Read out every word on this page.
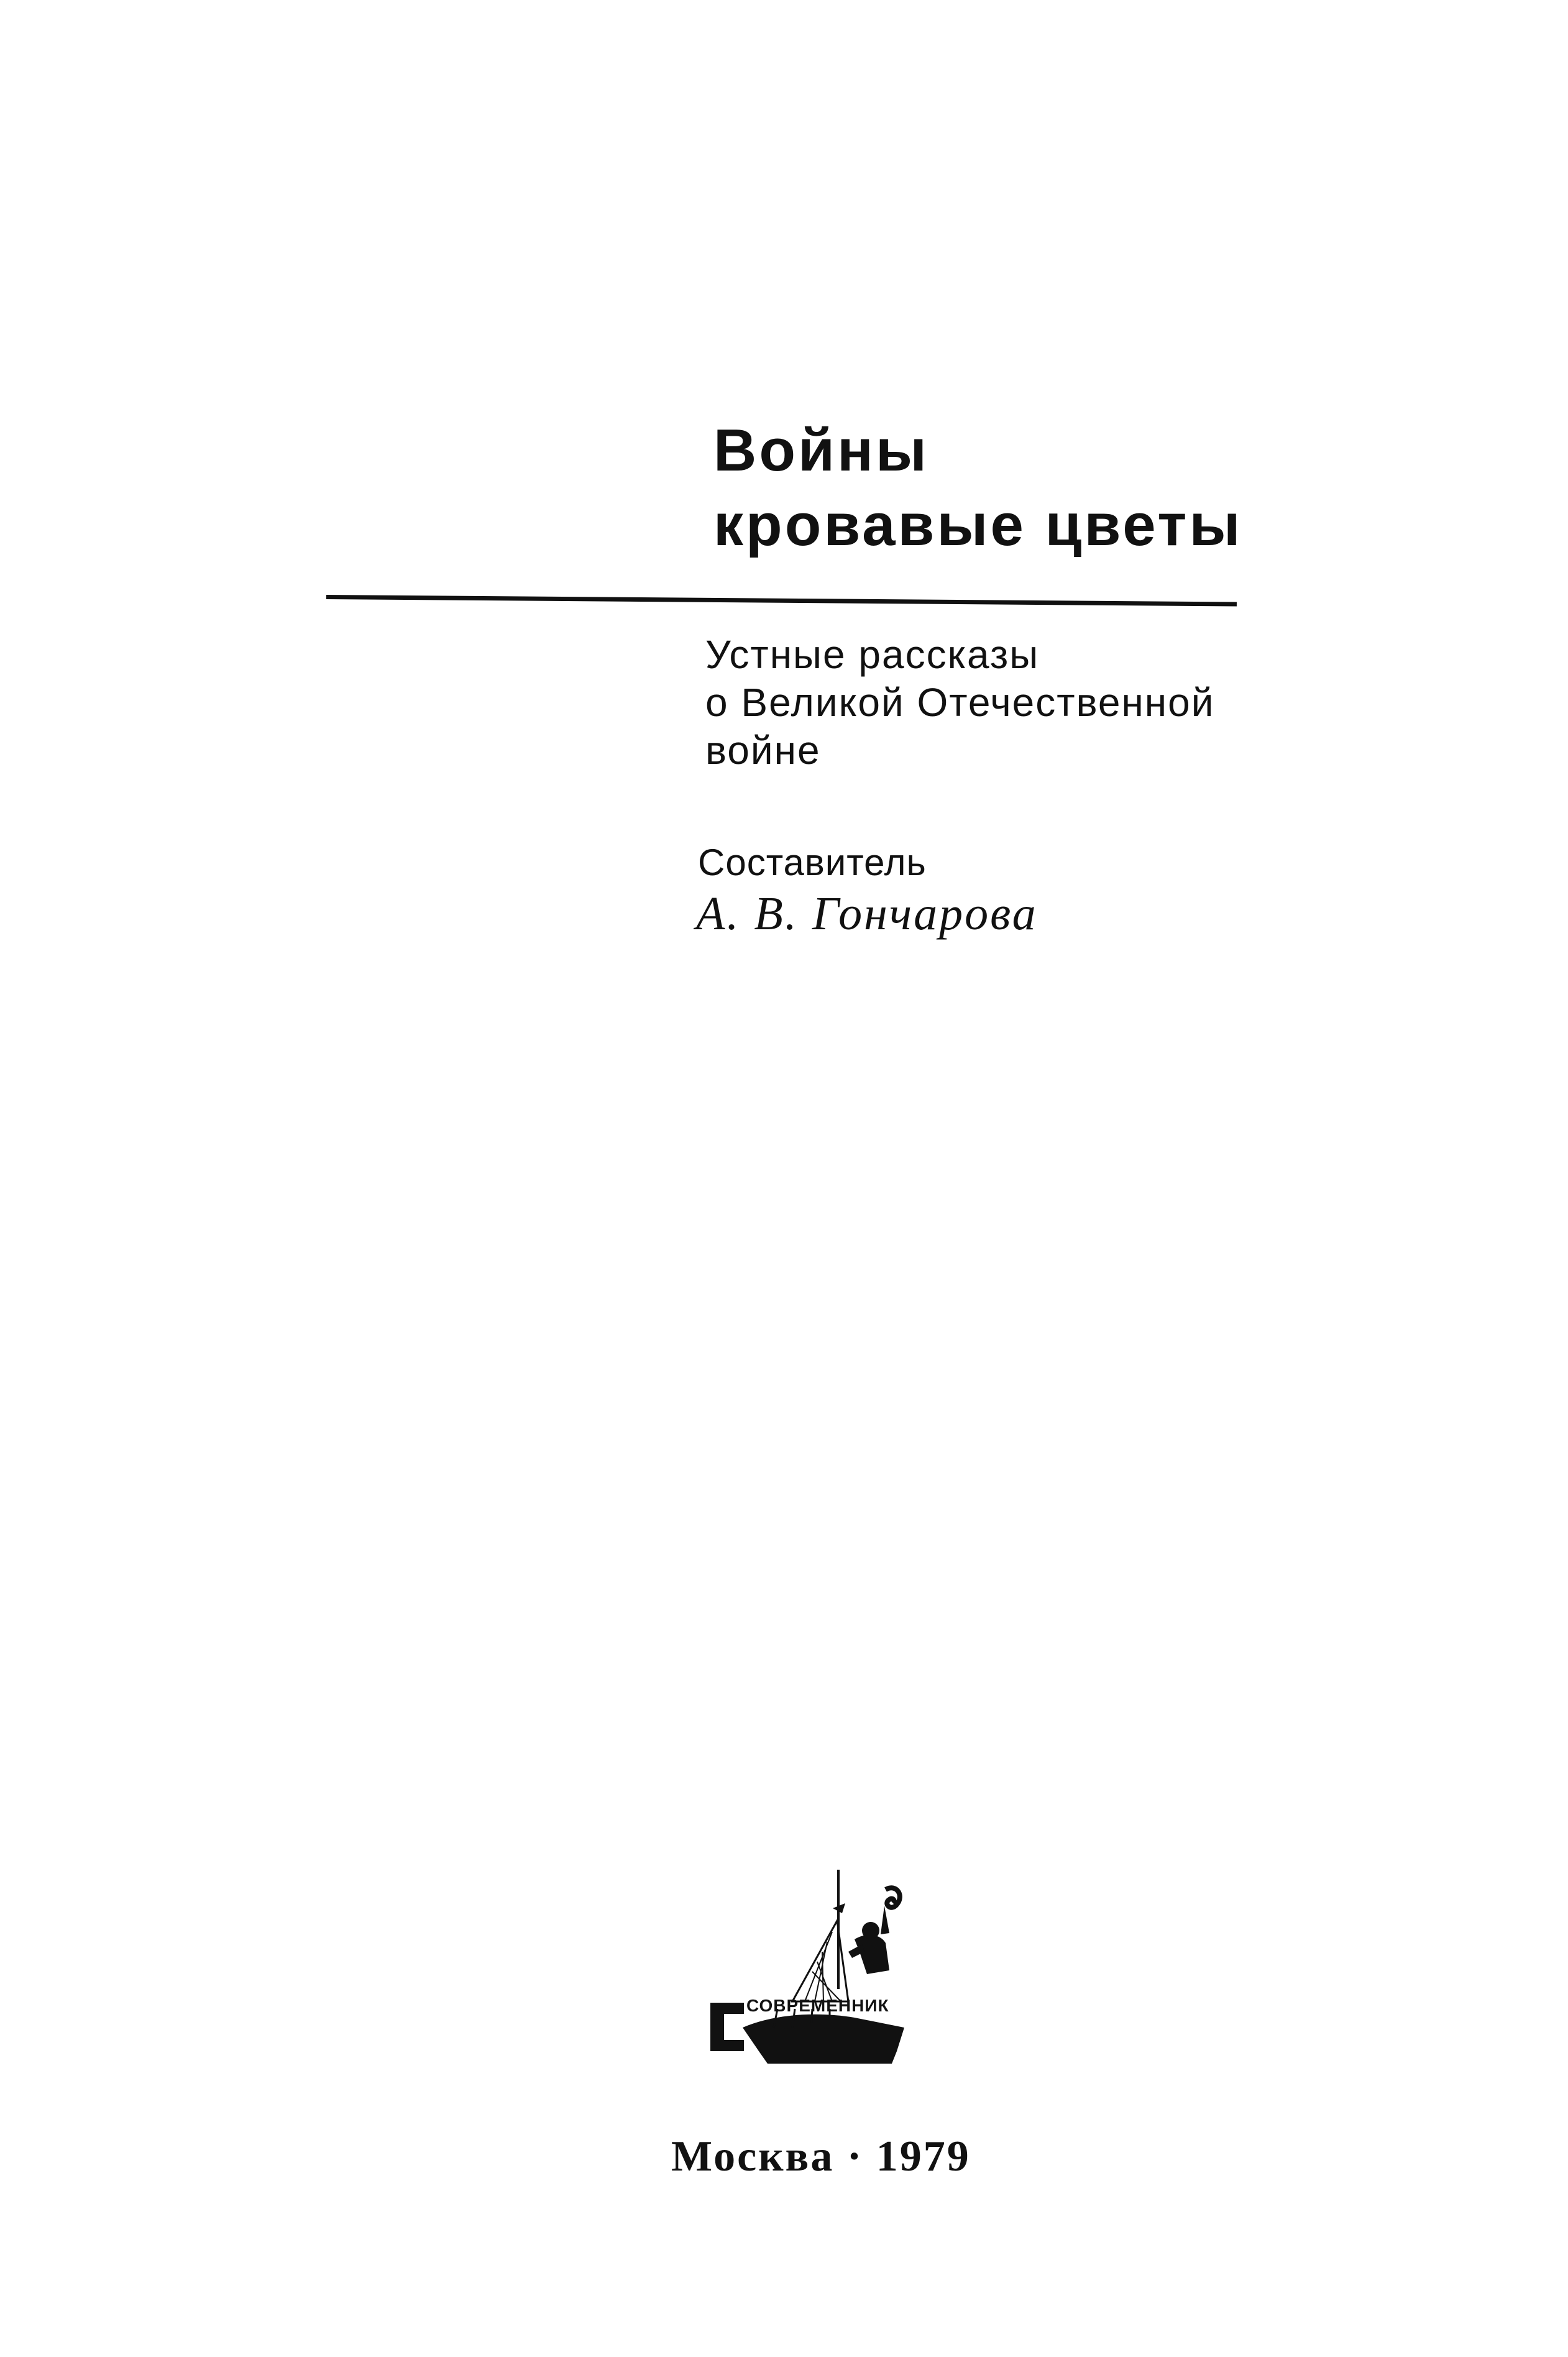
Войны
кровавые цветы
Устные рассказы
о Великой Отечественной
войне
Составитель
А. В. Гончарова
СОВРЕМЕННИК
Москва · 1979
